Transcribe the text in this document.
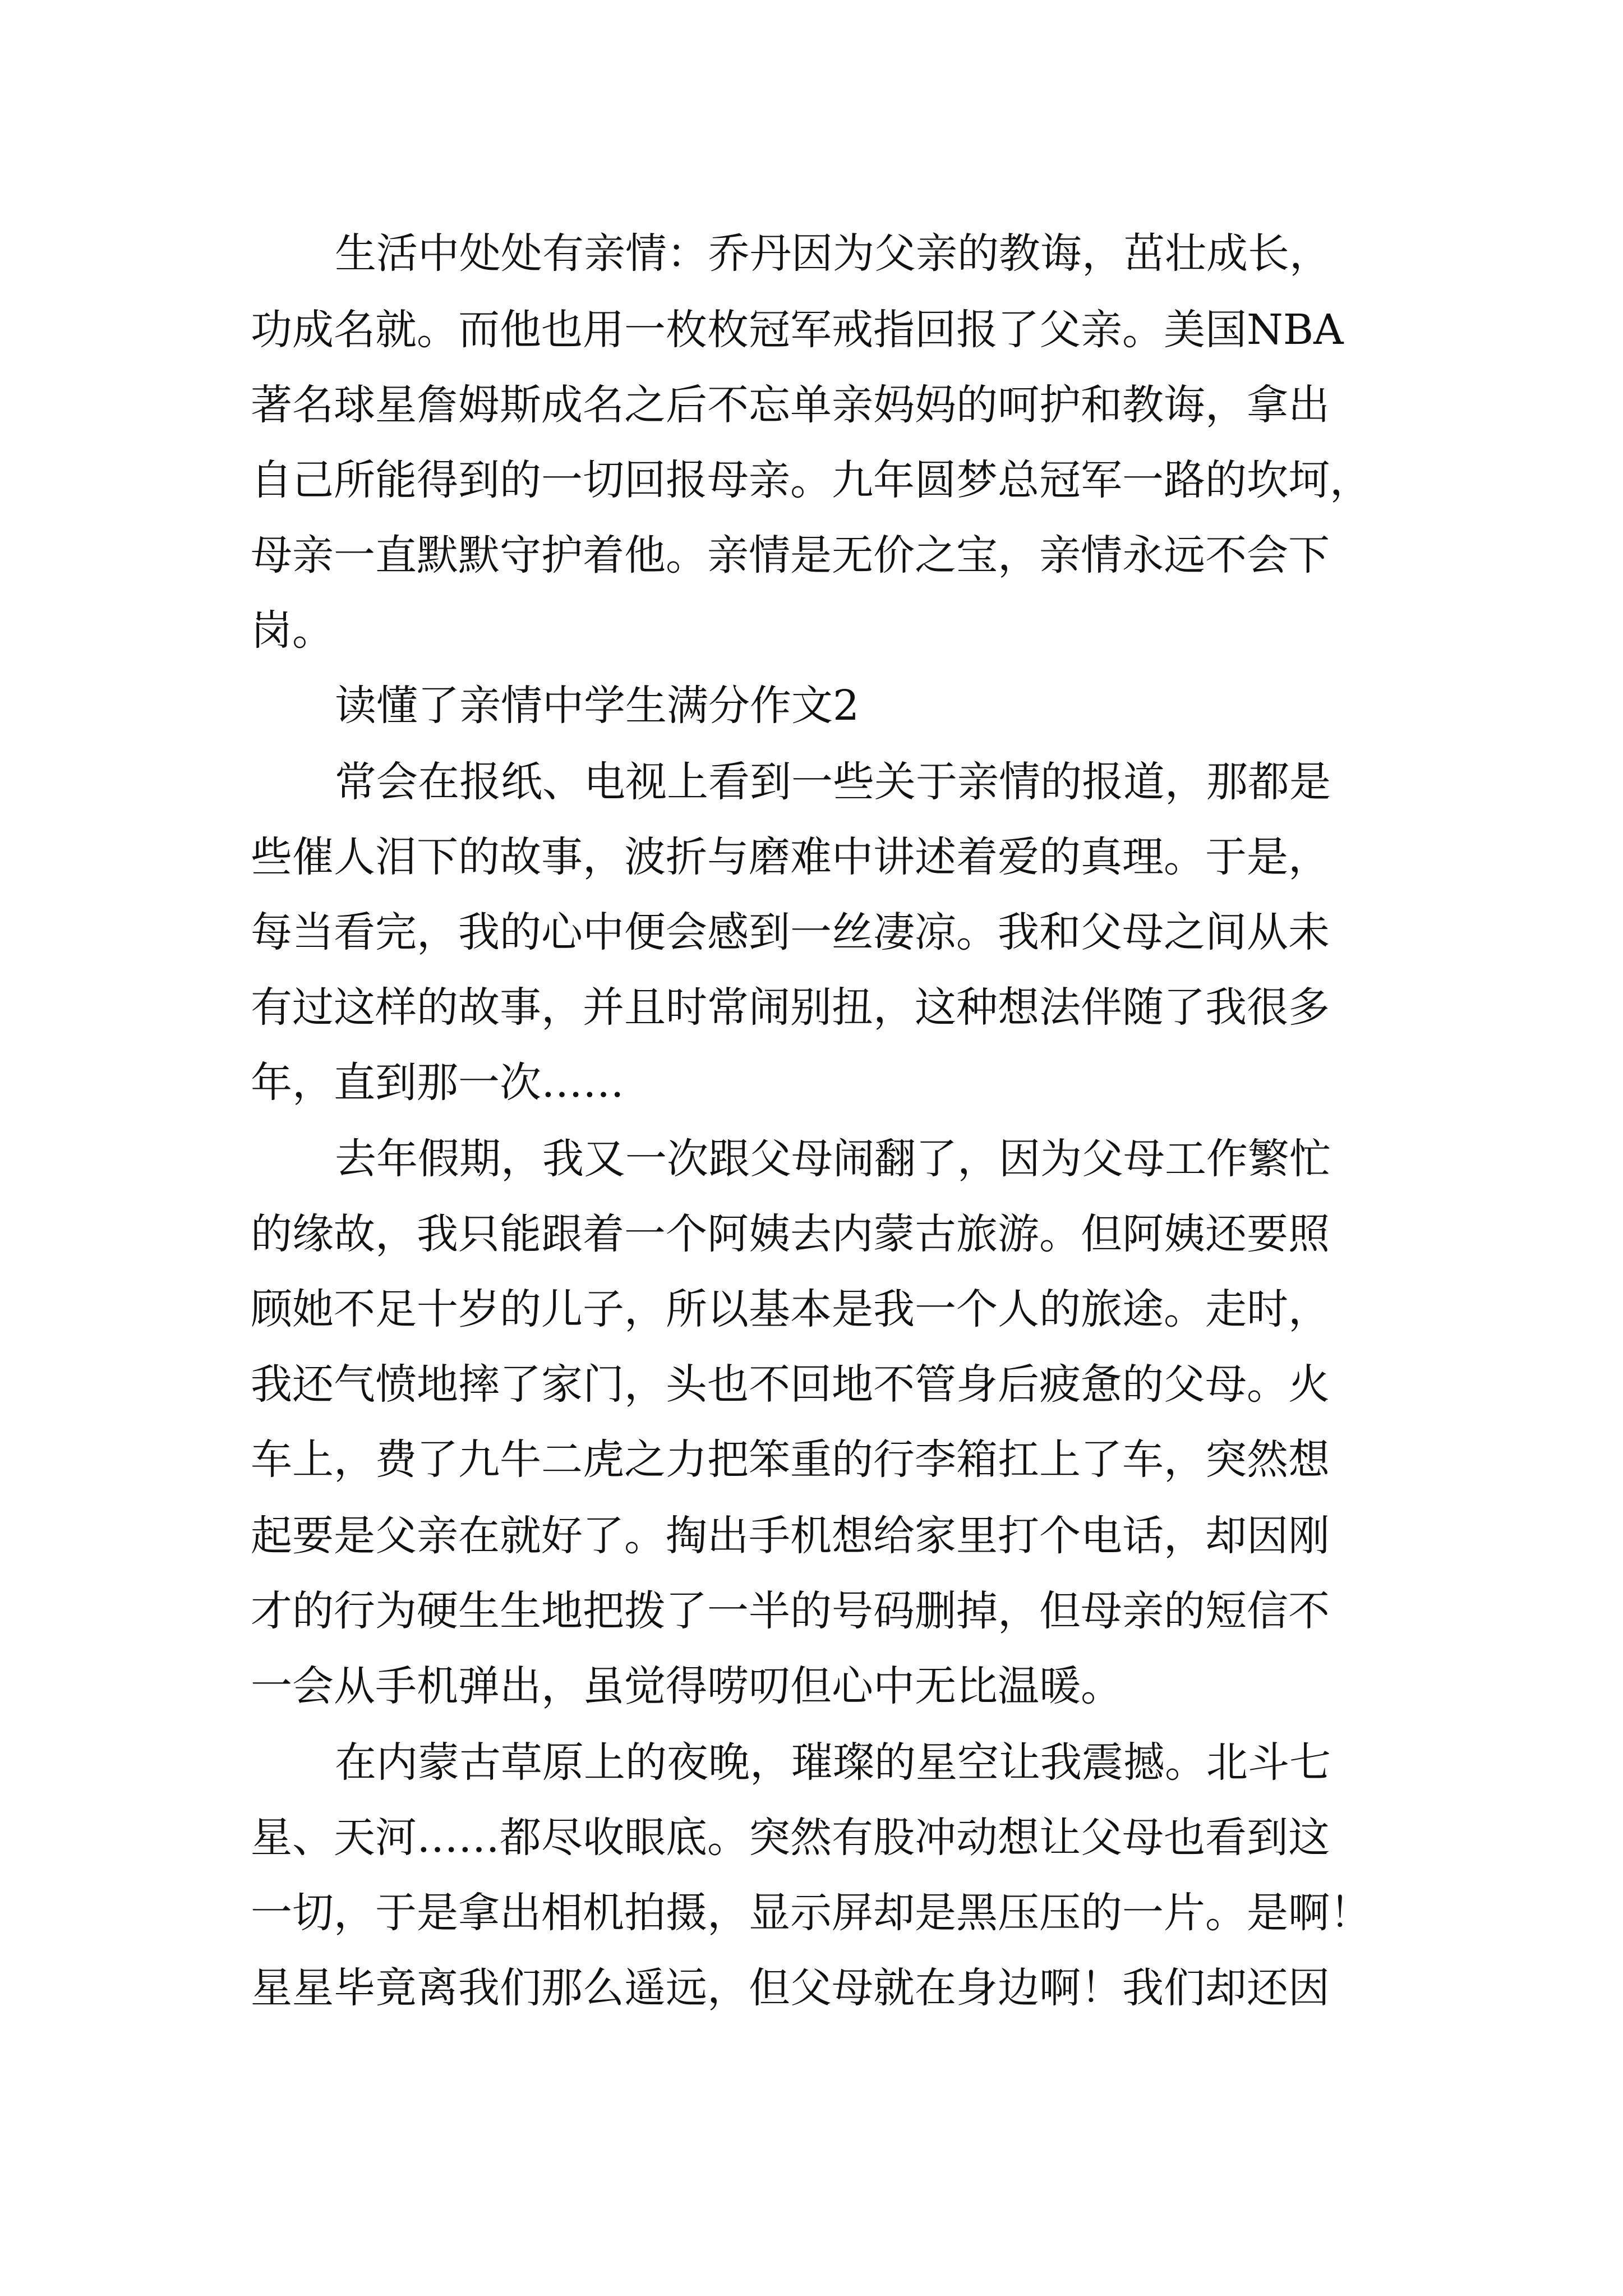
生活中处处有亲情：乔丹因为父亲的教诲，茁壮成长，
功成名就。而他也用一枚枚冠军戒指回报了父亲。美国NBA
著名球星詹姆斯成名之后不忘单亲妈妈的呵护和教诲，拿出
自己所能得到的一切回报母亲。九年圆梦总冠军一路的坎坷，
母亲一直默默守护着他。亲情是无价之宝，亲情永远不会下
岗。
读懂了亲情中学生满分作文2
常会在报纸、电视上看到一些关于亲情的报道，那都是
些催人泪下的故事，波折与磨难中讲述着爱的真理。于是，
每当看完，我的心中便会感到一丝凄凉。我和父母之间从未
有过这样的故事，并且时常闹别扭，这种想法伴随了我很多
年，直到那一次……
去年假期，我又一次跟父母闹翻了，因为父母工作繁忙
的缘故，我只能跟着一个阿姨去内蒙古旅游。但阿姨还要照
顾她不足十岁的儿子，所以基本是我一个人的旅途。走时，
我还气愤地摔了家门，头也不回地不管身后疲惫的父母。火
车上，费了九牛二虎之力把笨重的行李箱扛上了车，突然想
起要是父亲在就好了。掏出手机想给家里打个电话，却因刚
才的行为硬生生地把拨了一半的号码删掉，但母亲的短信不
一会从手机弹出，虽觉得唠叨但心中无比温暖。
在内蒙古草原上的夜晚，璀璨的星空让我震撼。北斗七
星、天河……都尽收眼底。突然有股冲动想让父母也看到这
一切，于是拿出相机拍摄，显示屏却是黑压压的一片。是啊！
星星毕竟离我们那么遥远，但父母就在身边啊！我们却还因
